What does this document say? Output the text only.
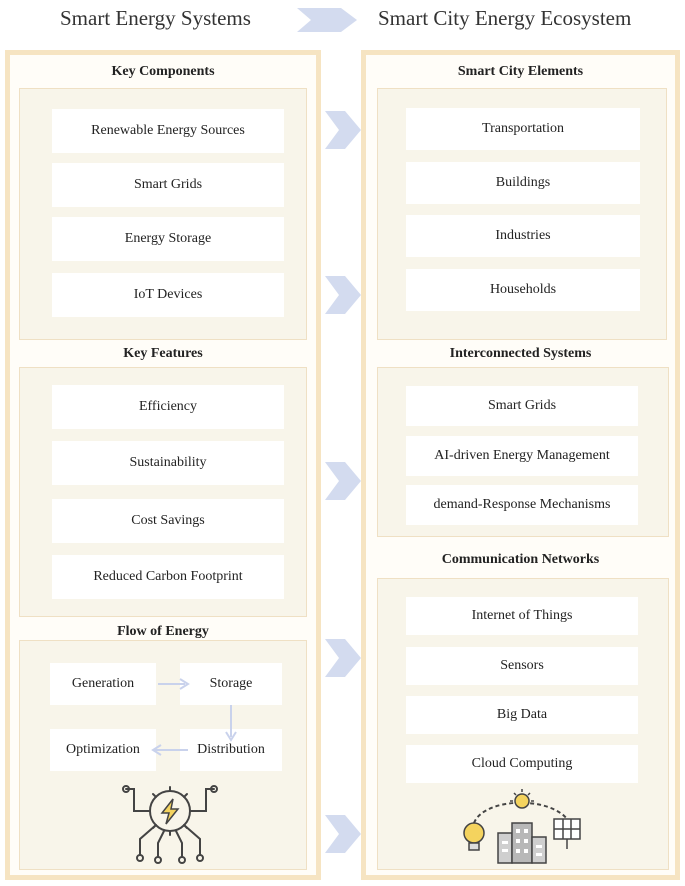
Smart Energy Systems	Smart City Energy Ecosystem
Key Components
Renewable Energy Sources
Smart Grids
Energy Storage
IoT Devices
Key Features
Efficiency
Sustainability
Cost Savings
Reduced Carbon Footprint
Flow of Energy
Generation	Storage
Distribution
Optimization
Smart City Elements
Transportation
Buildings
Industries
Households
Interconnected Systems
Smart Grids
AI-driven Energy Management
demand-Response Mechanisms
Communication Networks
Internet of Things
Sensors
Big Data
Cloud Computing
